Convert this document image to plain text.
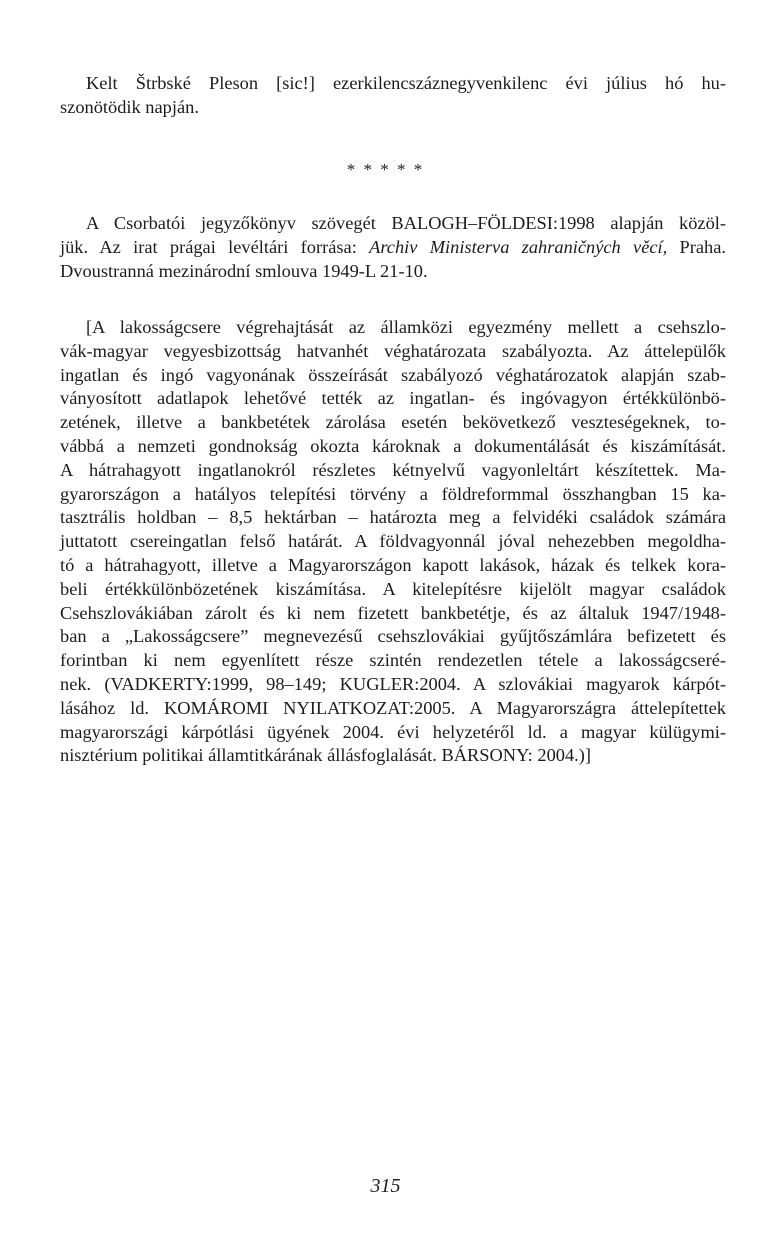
Kelt Štrbské Pleson [sic!] ezerkilencszáznegyvenkilenc évi július hó hu-
szonötödik napján.
* * * * *
A Csorbatói jegyzőkönyv szövegét BALOGH–FÖLDESI:1998 alapján közöl-
jük. Az irat prágai levéltári forrása: Archiv Ministerva zahraničných věcí, Praha.
Dvoustranná mezinárodní smlouva 1949-L 21-10.
[A lakosságcsere végrehajtását az államközi egyezmény mellett a csehszlo-
vák-magyar vegyesbizottság hatvanhét véghatározata szabályozta. Az áttelepülők
ingatlan és ingó vagyonának összeírását szabályozó véghatározatok alapján szab-
ványosított adatlapok lehetővé tették az ingatlan- és ingóvagyon értékkülönbö-
zetének, illetve a bankbetétek zárolása esetén bekövetkező veszteségeknek, to-
vábbá a nemzeti gondnokság okozta károknak a dokumentálását és kiszámítását.
A hátrahagyott ingatlanokról részletes kétnyelvű vagyonleltárt készítettek. Ma-
gyarországon a hatályos telepítési törvény a földreformmal összhangban 15 ka-
tasztrális holdban – 8,5 hektárban – határozta meg a felvidéki családok számára
juttatott csereingatlan felső határát. A földvagyonnál jóval nehezebben megoldha-
tó a hátrahagyott, illetve a Magyarországon kapott lakások, házak és telkek kora-
beli értékkülönbözetének kiszámítása. A kitelepítésre kijelölt magyar családok
Csehszlovákiában zárolt és ki nem fizetett bankbetétje, és az általuk 1947/1948-
ban a „Lakosságcsere” megnevezésű csehszlovákiai gyűjtőszámlára befizetett és
forintban ki nem egyenlített része szintén rendezetlen tétele a lakosságcseré-
nek. (VADKERTY:1999, 98–149; KUGLER:2004. A szlovákiai magyarok kárpót-
lásához ld. KOMÁROMI NYILATKOZAT:2005. A Magyarországra áttelepítettek
magyarországi kárpótlási ügyének 2004. évi helyzetéről ld. a magyar külügymi-
nisztérium politikai államtitkárának állásfoglalását. BÁRSONY: 2004.)]
315
